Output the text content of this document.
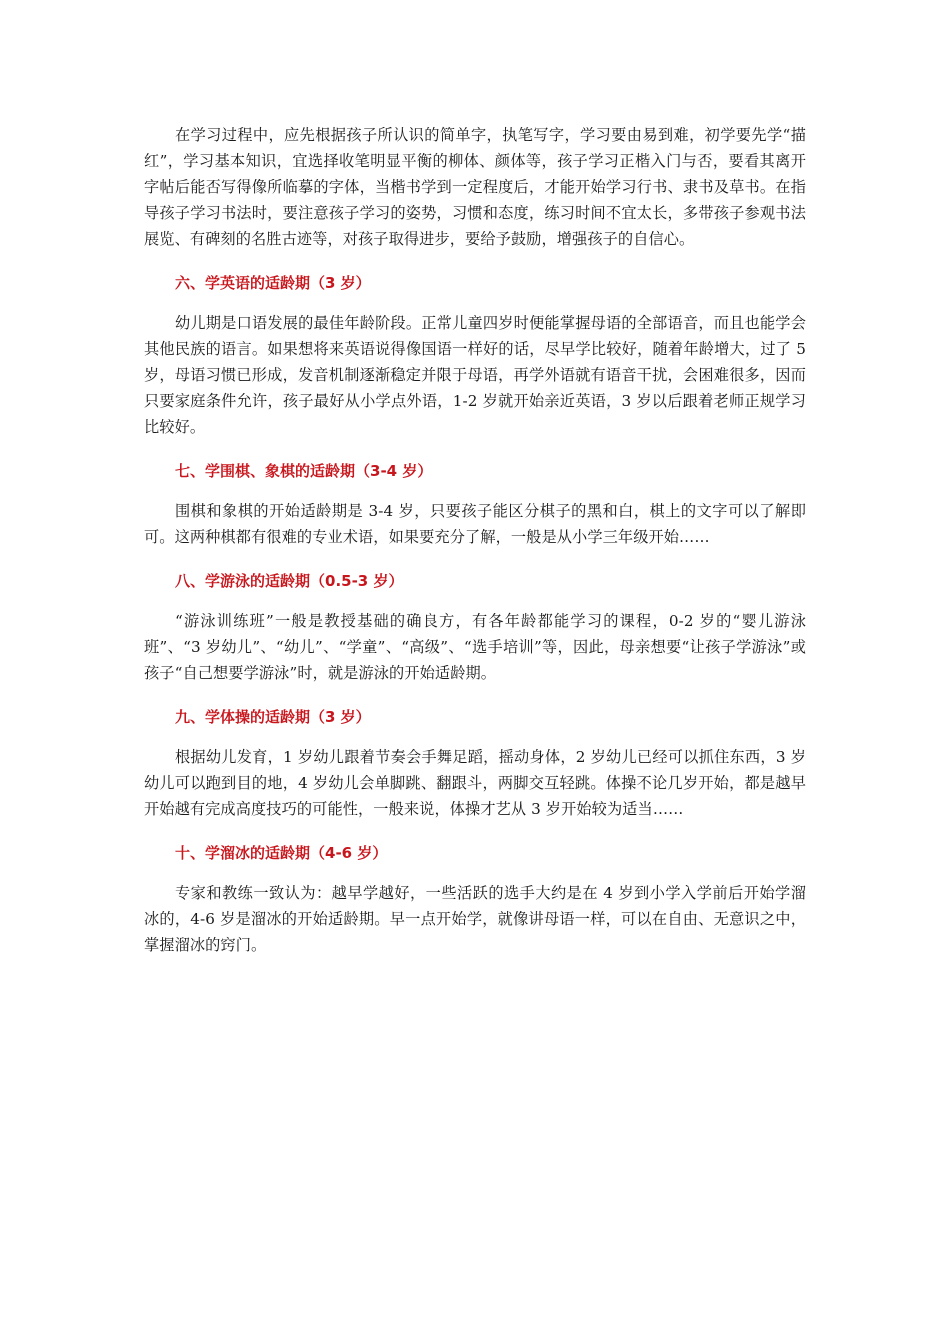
在学习过程中，应先根据孩子所认识的简单字，执笔写字，学习要由易到难，初学要先学“描红”，学习基本知识，宜选择收笔明显平衡的柳体、颜体等，孩子学习正楷入门与否，要看其离开字帖后能否写得像所临摹的字体，当楷书学到一定程度后，才能开始学习行书、隶书及草书。在指导孩子学习书法时，要注意孩子学习的姿势，习惯和态度，练习时间不宜太长，多带孩子参观书法展览、有碑刻的名胜古迹等，对孩子取得进步，要给予鼓励，增强孩子的自信心。

六、学英语的适龄期（3 岁）

幼儿期是口语发展的最佳年龄阶段。正常儿童四岁时便能掌握母语的全部语音，而且也能学会其他民族的语言。如果想将来英语说得像国语一样好的话，尽早学比较好，随着年龄增大，过了 5 岁，母语习惯已形成，发音机制逐渐稳定并限于母语，再学外语就有语音干扰，会困难很多，因而只要家庭条件允许，孩子最好从小学点外语，1-2 岁就开始亲近英语，3 岁以后跟着老师正规学习比较好。

七、学围棋、象棋的适龄期（3-4 岁）

围棋和象棋的开始适龄期是 3-4 岁，只要孩子能区分棋子的黑和白，棋上的文字可以了解即可。这两种棋都有很难的专业术语，如果要充分了解，一般是从小学三年级开始……

八、学游泳的适龄期（0.5-3 岁）

“游泳训练班”一般是教授基础的确良方，有各年龄都能学习的课程，0-2 岁的“婴儿游泳班”、“3 岁幼儿”、“幼儿”、“学童”、“高级”、“选手培训”等，因此，母亲想要“让孩子学游泳”或孩子“自己想要学游泳”时，就是游泳的开始适龄期。

九、学体操的适龄期（3 岁）

根据幼儿发育，1 岁幼儿跟着节奏会手舞足蹈，摇动身体，2 岁幼儿已经可以抓住东西，3 岁幼儿可以跑到目的地，4 岁幼儿会单脚跳、翻跟斗，两脚交互轻跳。体操不论几岁开始，都是越早开始越有完成高度技巧的可能性，一般来说，体操才艺从 3 岁开始较为适当……

十、学溜冰的适龄期（4-6 岁）

专家和教练一致认为：越早学越好，一些活跃的选手大约是在 4 岁到小学入学前后开始学溜冰的，4-6 岁是溜冰的开始适龄期。早一点开始学，就像讲母语一样，可以在自由、无意识之中，掌握溜冰的窍门。
